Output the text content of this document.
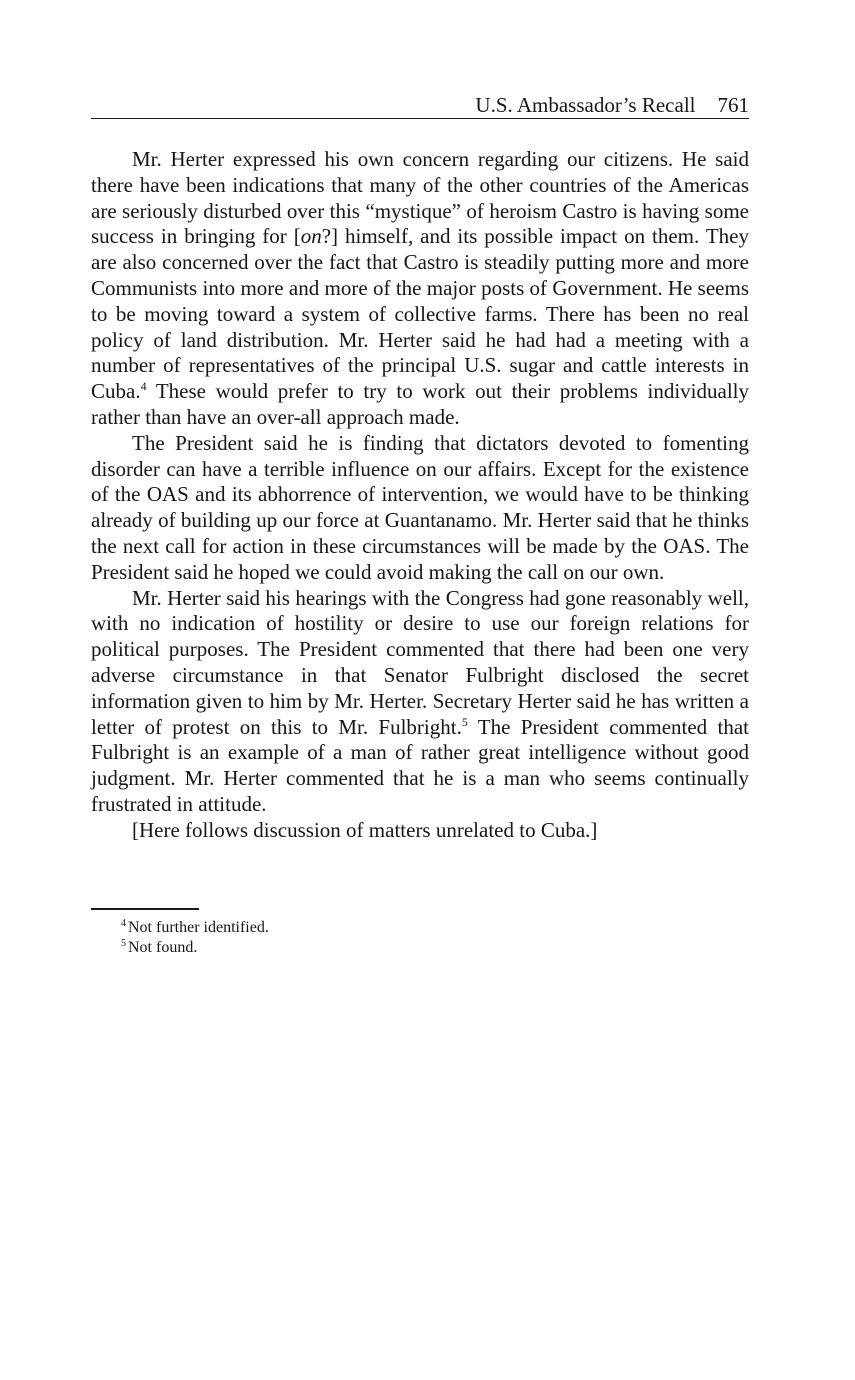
U.S. Ambassador’s Recall 761

Mr. Herter expressed his own concern regarding our citizens. He said there have been indications that many of the other countries of the Americas are seriously disturbed over this “mystique” of heroism Castro is having some success in bringing for [on?] himself, and its possible impact on them. They are also concerned over the fact that Castro is steadily putting more and more Communists into more and more of the major posts of Government. He seems to be moving toward a system of collective farms. There has been no real policy of land distribution. Mr. Herter said he had had a meeting with a number of representatives of the principal U.S. sugar and cattle interests in Cuba.$^4$ These would prefer to try to work out their problems individually rather than have an over-all approach made.

The President said he is finding that dictators devoted to fomenting disorder can have a terrible influence on our affairs. Except for the existence of the OAS and its abhorrence of intervention, we would have to be thinking already of building up our force at Guantanamo. Mr. Herter said that he thinks the next call for action in these circumstances will be made by the OAS. The President said he hoped we could avoid making the call on our own.

Mr. Herter said his hearings with the Congress had gone reasonably well, with no indication of hostility or desire to use our foreign relations for political purposes. The President commented that there had been one very adverse circumstance in that Senator Fulbright disclosed the secret information given to him by Mr. Herter. Secretary Herter said he has written a letter of protest on this to Mr. Fulbright.$^5$ The President commented that Fulbright is an example of a man of rather great intelligence without good judgment. Mr. Herter commented that he is a man who seems continually frustrated in attitude.

[Here follows discussion of matters unrelated to Cuba.]

$^4$ Not further identified.
$^5$ Not found.
